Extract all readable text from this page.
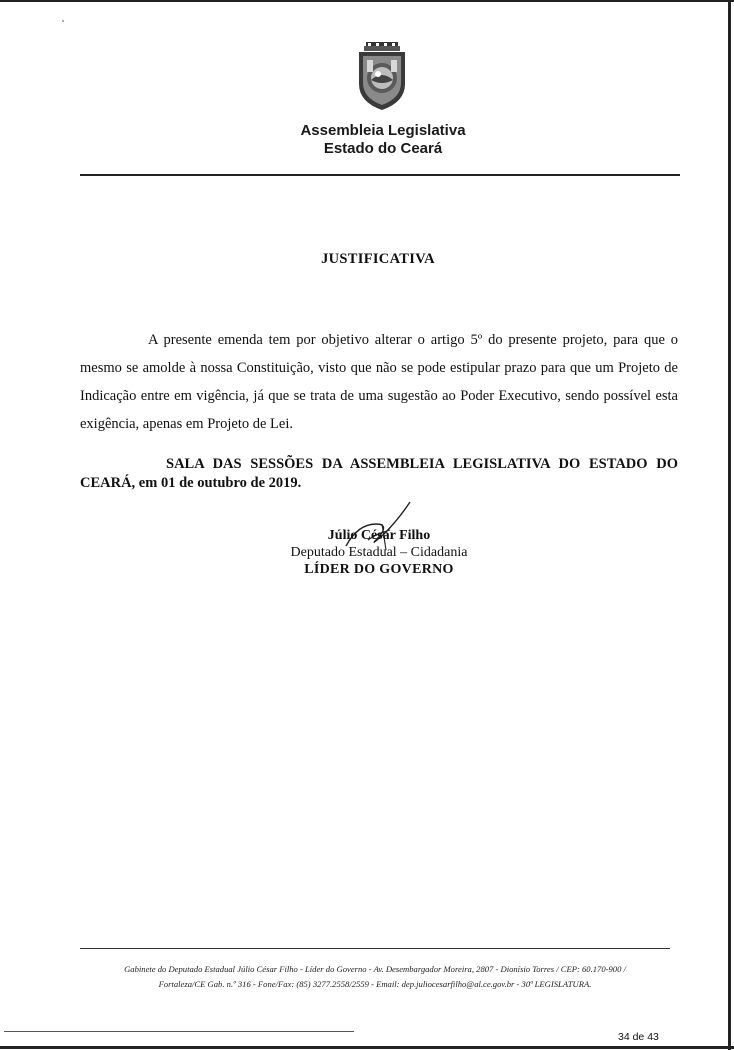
Assembleia Legislativa
Estado do Ceará
JUSTIFICATIVA
A presente emenda tem por objetivo alterar o artigo 5º do presente projeto, para que o mesmo se amolde à nossa Constituição, visto que não se pode estipular prazo para que um Projeto de Indicação entre em vigência, já que se trata de uma sugestão ao Poder Executivo, sendo possível esta exigência, apenas em Projeto de Lei.
SALA DAS SESSÕES DA ASSEMBLEIA LEGISLATIVA DO ESTADO DO CEARÁ, em 01 de outubro de 2019.
Júlio César Filho
Deputado Estadual – Cidadania
LÍDER DO GOVERNO
Gabinete do Deputado Estadual Júlio César Filho - Líder do Governo - Av. Desembargador Moreira, 2807 - Dionísio Torres / CEP: 60.170-900 /
Fortaleza/CE Gab. n.º 316 - Fone/Fax: (85) 3277.2558/2559 - Email: dep.juliocesarfilho@al.ce.gov.br - 30ª LEGISLATURA.
34 de 43
